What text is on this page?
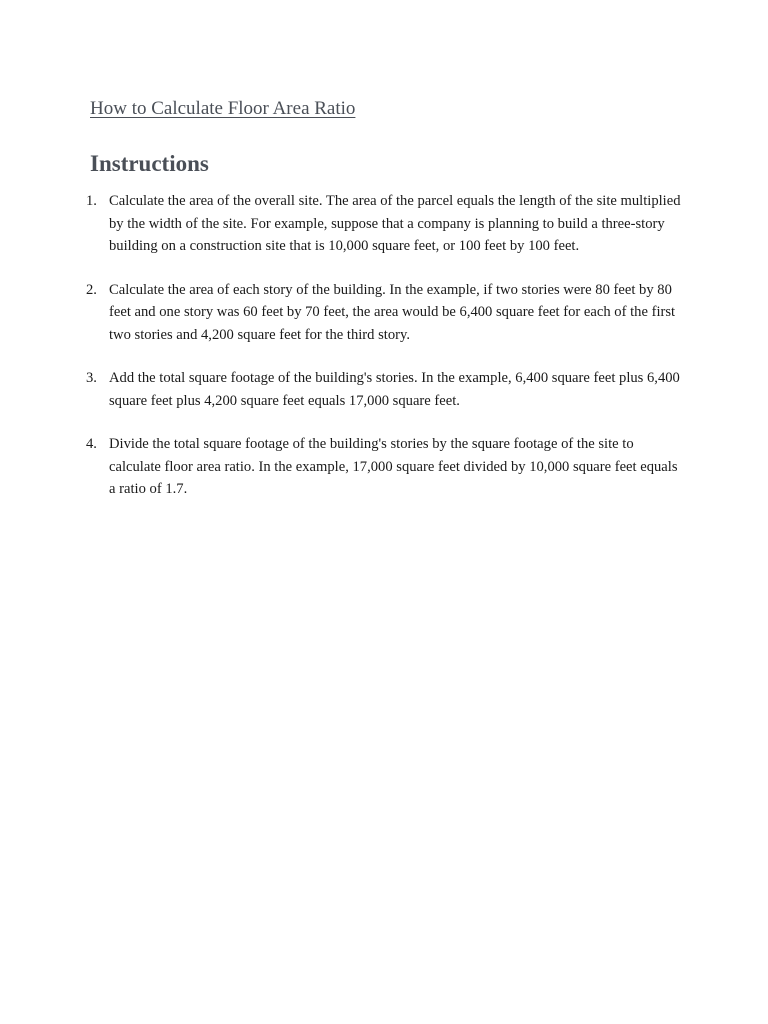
How to Calculate Floor Area Ratio
Instructions
1. Calculate the area of the overall site. The area of the parcel equals the length of the site multiplied by the width of the site. For example, suppose that a company is planning to build a three-story building on a construction site that is 10,000 square feet, or 100 feet by 100 feet.
2. Calculate the area of each story of the building. In the example, if two stories were 80 feet by 80 feet and one story was 60 feet by 70 feet, the area would be 6,400 square feet for each of the first two stories and 4,200 square feet for the third story.
3. Add the total square footage of the building's stories. In the example, 6,400 square feet plus 6,400 square feet plus 4,200 square feet equals 17,000 square feet.
4. Divide the total square footage of the building's stories by the square footage of the site to calculate floor area ratio. In the example, 17,000 square feet divided by 10,000 square feet equals a ratio of 1.7.
